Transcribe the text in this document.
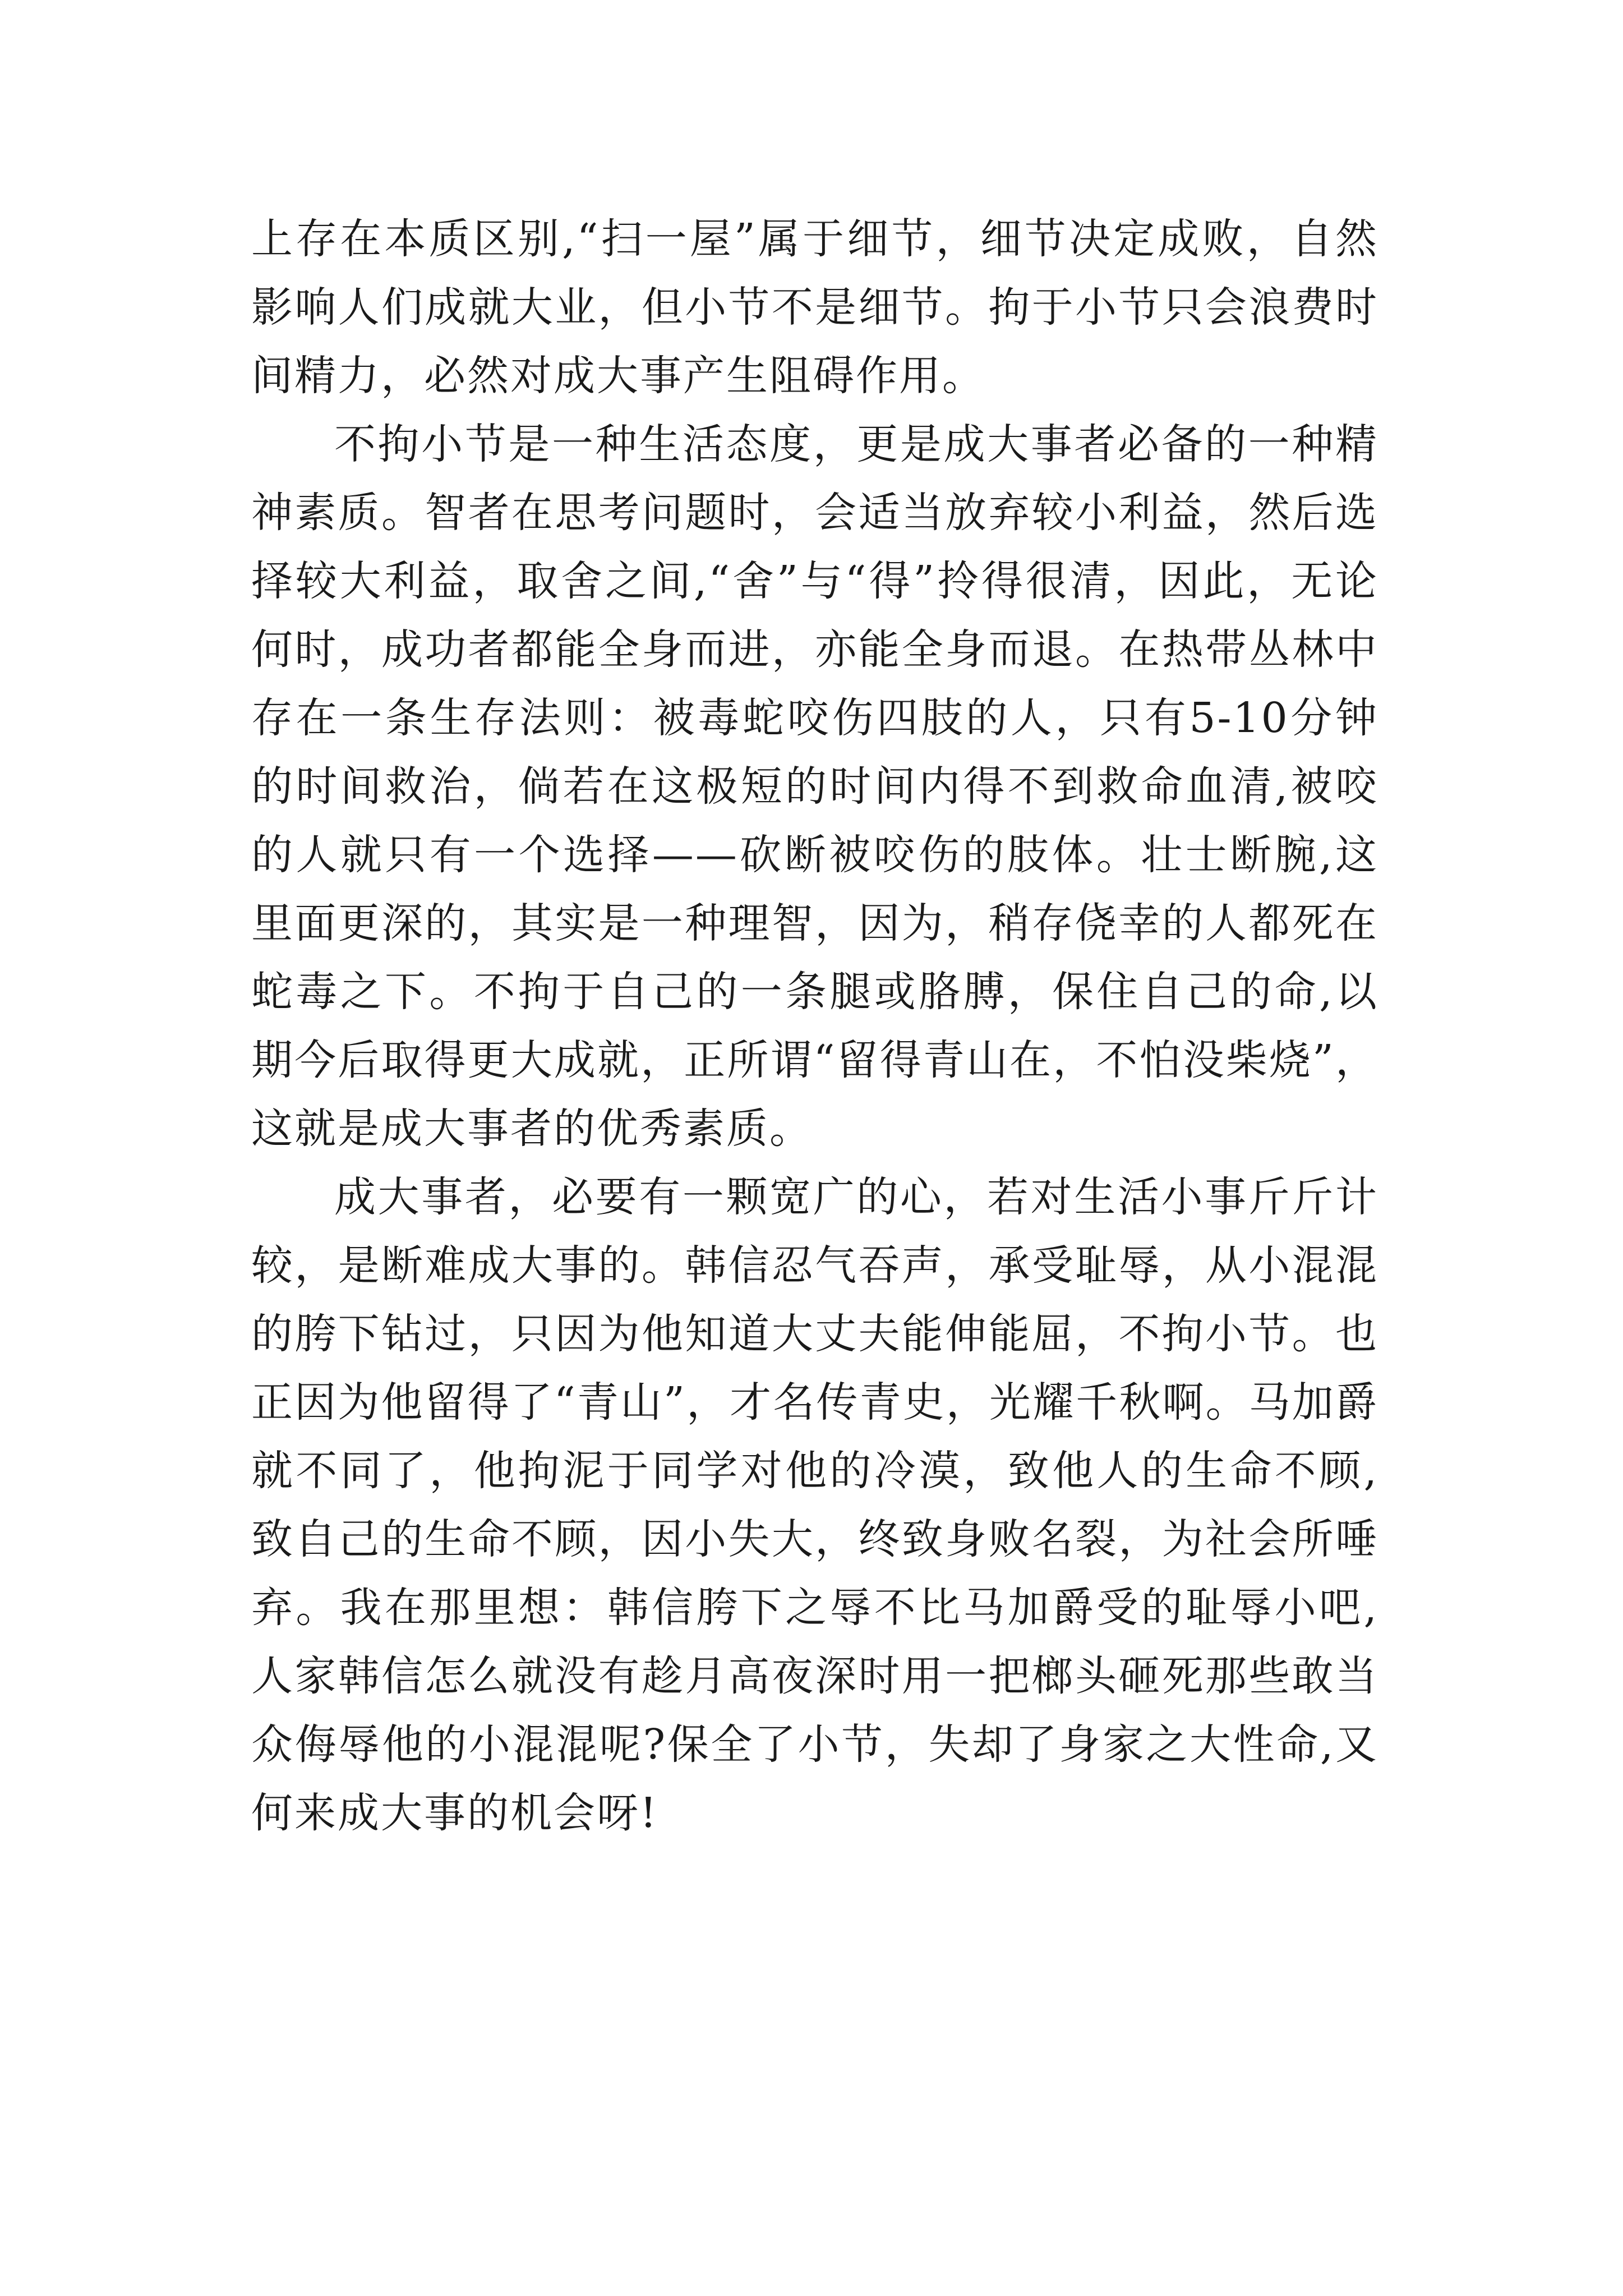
上存在本质区别,“扫一屋”属于细节，细节决定成败，自然影响人们成就大业，但小节不是细节。拘于小节只会浪费时间精力，必然对成大事产生阻碍作用。

不拘小节是一种生活态度，更是成大事者必备的一种精神素质。智者在思考问题时，会适当放弃较小利益，然后选择较大利益，取舍之间,“舍”与“得”拎得很清，因此，无论何时，成功者都能全身而进，亦能全身而退。在热带丛林中存在一条生存法则：被毒蛇咬伤四肢的人，只有5-10分钟的时间救治，倘若在这极短的时间内得不到救命血清,被咬的人就只有一个选择——砍断被咬伤的肢体。壮士断腕,这里面更深的，其实是一种理智，因为，稍存侥幸的人都死在蛇毒之下。不拘于自己的一条腿或胳膊，保住自己的命,以期今后取得更大成就，正所谓“留得青山在，不怕没柴烧”，这就是成大事者的优秀素质。

成大事者，必要有一颗宽广的心，若对生活小事斤斤计较，是断难成大事的。韩信忍气吞声，承受耻辱，从小混混的胯下钻过，只因为他知道大丈夫能伸能屈，不拘小节。也正因为他留得了“青山”，才名传青史，光耀千秋啊。马加爵就不同了，他拘泥于同学对他的冷漠，致他人的生命不顾,致自己的生命不顾，因小失大，终致身败名裂，为社会所唾弃。我在那里想：韩信胯下之辱不比马加爵受的耻辱小吧,人家韩信怎么就没有趁月高夜深时用一把榔头砸死那些敢当众侮辱他的小混混呢?保全了小节，失却了身家之大性命,又何来成大事的机会呀!
